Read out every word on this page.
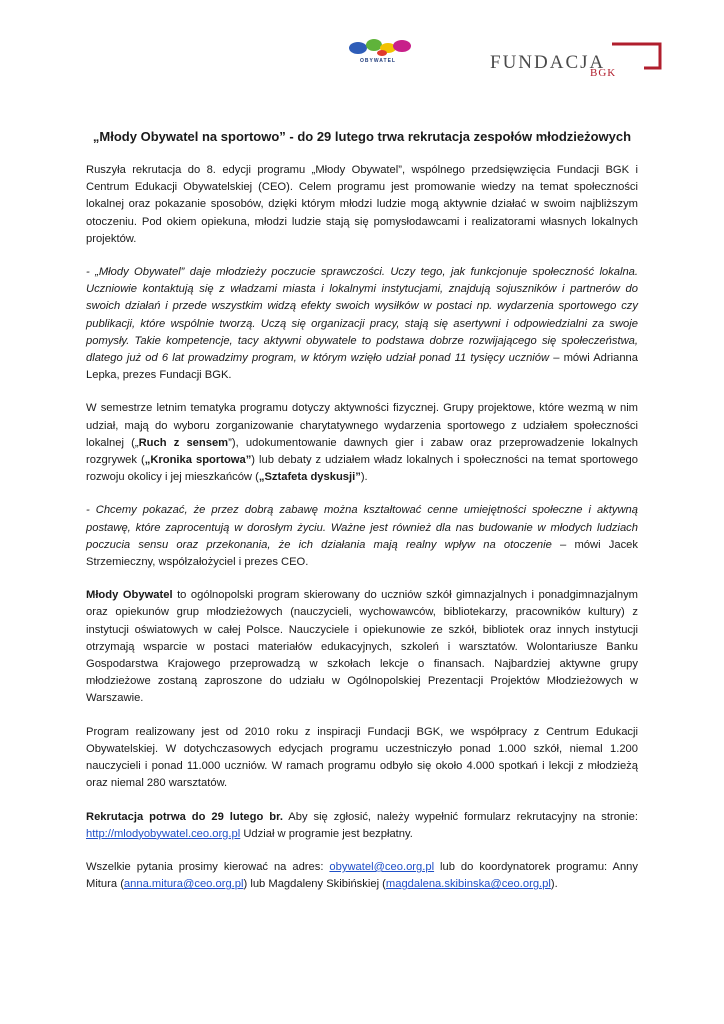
OBYWATEL	FUNDACJA
BGK
„Młody Obywatel na sportowo” - do 29 lutego trwa rekrutacja zespołów młodzieżowych

Ruszyła rekrutacja do 8. edycji programu „Młody Obywatel”, wspólnego przedsięwzięcia Fundacji BGK i Centrum Edukacji Obywatelskiej (CEO). Celem programu jest promowanie wiedzy na temat społeczności lokalnej oraz pokazanie sposobów, dzięki którym młodzi ludzie mogą aktywnie działać w swoim najbliższym otoczeniu. Pod okiem opiekuna, młodzi ludzie stają się pomysłodawcami i realizatorami własnych lokalnych projektów.

- „Młody Obywatel” daje młodzieży poczucie sprawczości. Uczy tego, jak funkcjonuje społeczność lokalna. Uczniowie kontaktują się z władzami miasta i lokalnymi instytucjami, znajdują sojuszników i partnerów do swoich działań i przede wszystkim widzą efekty swoich wysiłków w postaci np. wydarzenia sportowego czy publikacji, które wspólnie tworzą. Uczą się organizacji pracy, stają się asertywni i odpowiedzialni za swoje pomysły. Takie kompetencje, tacy aktywni obywatele to podstawa dobrze rozwijającego się społeczeństwa, dlatego już od 6 lat prowadzimy program, w którym wzięło udział ponad 11 tysięcy uczniów – mówi Adrianna Lepka, prezes Fundacji BGK.

W semestrze letnim tematyka programu dotyczy aktywności fizycznej. Grupy projektowe, które wezmą w nim udział, mają do wyboru zorganizowanie charytatywnego wydarzenia sportowego z udziałem społeczności lokalnej („Ruch z sensem”), udokumentowanie dawnych gier i zabaw oraz przeprowadzenie lokalnych rozgrywek („Kronika sportowa”) lub debaty z udziałem władz lokalnych i społeczności na temat sportowego rozwoju okolicy i jej mieszkańców („Sztafeta dyskusji”).

- Chcemy pokazać, że przez dobrą zabawę można kształtować cenne umiejętności społeczne i aktywną postawę, które zaprocentują w dorosłym życiu. Ważne jest również dla nas budowanie w młodych ludziach poczucia sensu oraz przekonania, że ich działania mają realny wpływ na otoczenie – mówi Jacek Strzemieczny, współzałożyciel i prezes CEO.

Młody Obywatel to ogólnopolski program skierowany do uczniów szkół gimnazjalnych i ponadgimnazjalnym oraz opiekunów grup młodzieżowych (nauczycieli, wychowawców, bibliotekarzy, pracowników kultury) z instytucji oświatowych w całej Polsce. Nauczyciele i opiekunowie ze szkół, bibliotek oraz innych instytucji otrzymają wsparcie w postaci materiałów edukacyjnych, szkoleń i warsztatów. Wolontariusze Banku Gospodarstwa Krajowego przeprowadzą w szkołach lekcje o finansach. Najbardziej aktywne grupy młodzieżowe zostaną zaproszone do udziału w Ogólnopolskiej Prezentacji Projektów Młodzieżowych w Warszawie.

Program realizowany jest od 2010 roku z inspiracji Fundacji BGK, we współpracy z Centrum Edukacji Obywatelskiej. W dotychczasowych edycjach programu uczestniczyło ponad 1.000 szkół, niemal 1.200 nauczycieli i ponad 11.000 uczniów. W ramach programu odbyło się około 4.000 spotkań i lekcji z młodzieżą oraz niemal 280 warsztatów.

Rekrutacja potrwa do 29 lutego br. Aby się zgłosić, należy wypełnić formularz rekrutacyjny na stronie: http://mlodyobywatel.ceo.org.pl Udział w programie jest bezpłatny.

Wszelkie pytania prosimy kierować na adres: obywatel@ceo.org.pl lub do koordynatorek programu: Anny Mitura (anna.mitura@ceo.org.pl) lub Magdaleny Skibińskiej (magdalena.skibinska@ceo.org.pl).
